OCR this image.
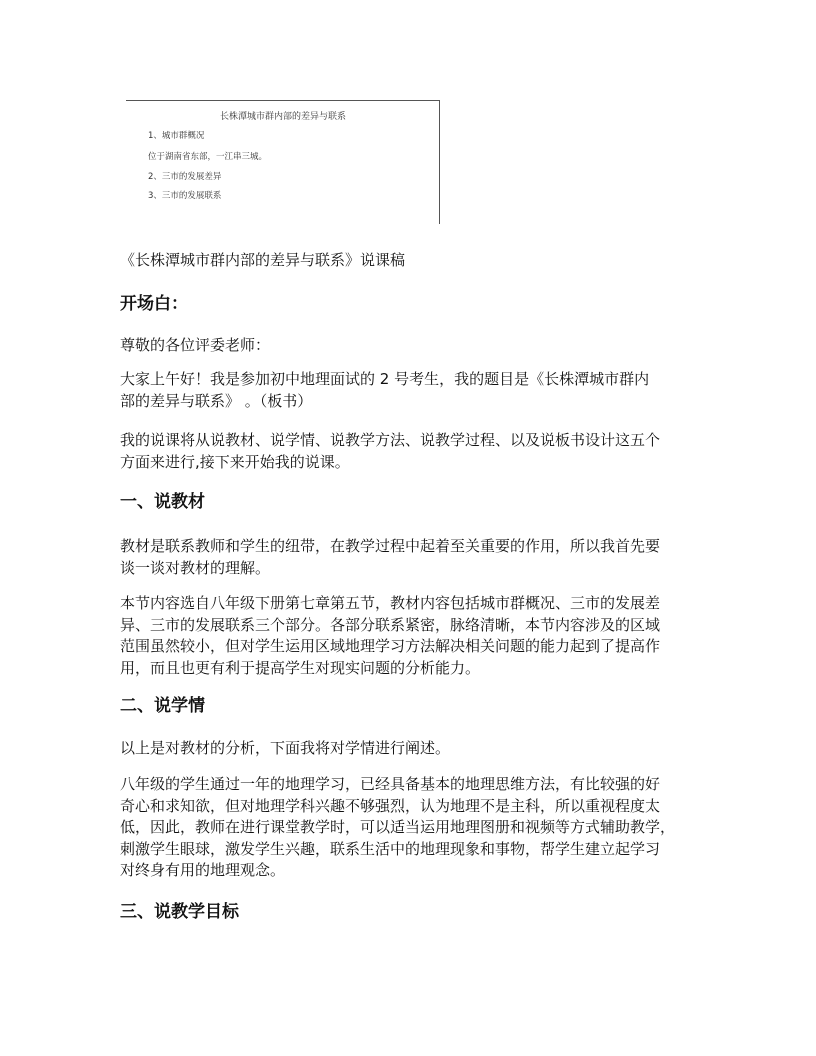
长株潭城市群内部的差异与联系
1、城市群概况
位于湖南省东部，一江串三城。
2、三市的发展差异
3、三市的发展联系
《长株潭城市群内部的差异与联系》说课稿
开场白：
尊敬的各位评委老师：
大家上午好！我是参加初中地理面试的 2 号考生，我的题目是《长株潭城市群内
部的差异与联系》 。（板书）
我的说课将从说教材、说学情、说教学方法、说教学过程、以及说板书设计这五个
方面来进行,接下来开始我的说课。
一、说教材
教材是联系教师和学生的纽带，在教学过程中起着至关重要的作用，所以我首先要
谈一谈对教材的理解。
本节内容选自八年级下册第七章第五节，教材内容包括城市群概况、三市的发展差
异、三市的发展联系三个部分。各部分联系紧密，脉络清晰，本节内容涉及的区域
范围虽然较小，但对学生运用区域地理学习方法解决相关问题的能力起到了提高作
用，而且也更有利于提高学生对现实问题的分析能力。
二、说学情
以上是对教材的分析，下面我将对学情进行阐述。
八年级的学生通过一年的地理学习，已经具备基本的地理思维方法，有比较强的好
奇心和求知欲，但对地理学科兴趣不够强烈，认为地理不是主科，所以重视程度太
低，因此，教师在进行课堂教学时，可以适当运用地理图册和视频等方式辅助教学，
刺激学生眼球，激发学生兴趣，联系生活中的地理现象和事物，帮学生建立起学习
对终身有用的地理观念。
三、说教学目标
